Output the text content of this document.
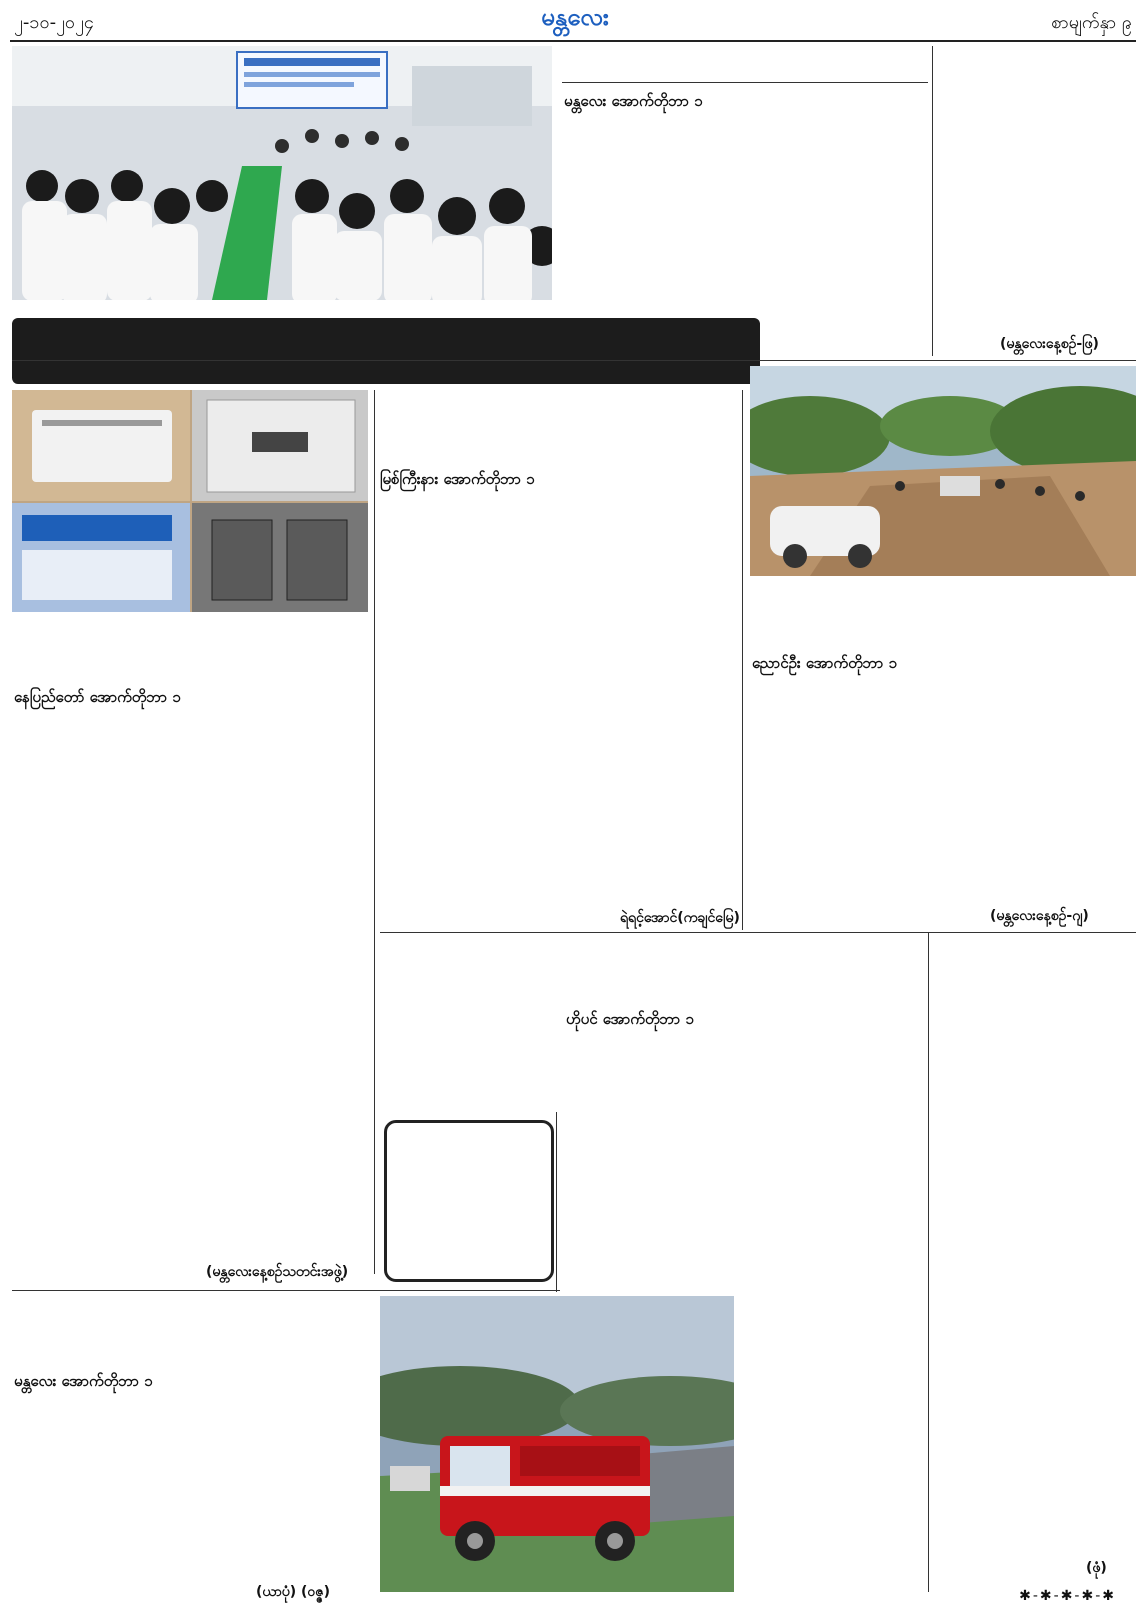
၂-၁၀-၂၀၂၄	မန္တလေး	စာမျက်နှာ ၉
မန္တလေး အောက်တိုဘာ ၁
(မန္တလေးနေ့စဉ်-ဖြ)
နေပြည်တော် အောက်တိုဘာ ၁
(မန္တလေးနေ့စဉ်သတင်းအဖွဲ့)
မြစ်ကြီးနား အောက်တိုဘာ ၁
ရဲရင့်အောင်(ကချင်မြေ)
ညောင်ဦး အောက်တိုဘာ ၁
(မန္တလေးနေ့စဉ်-ဂျ)
ဟိုပင် အောက်တိုဘာ ၁
(ဖုံ)
✱-✱-✱-✱-✱
မန္တလေး အောက်တိုဘာ ၁
(ယာပုံ) (ဝဇ္ဇ)
